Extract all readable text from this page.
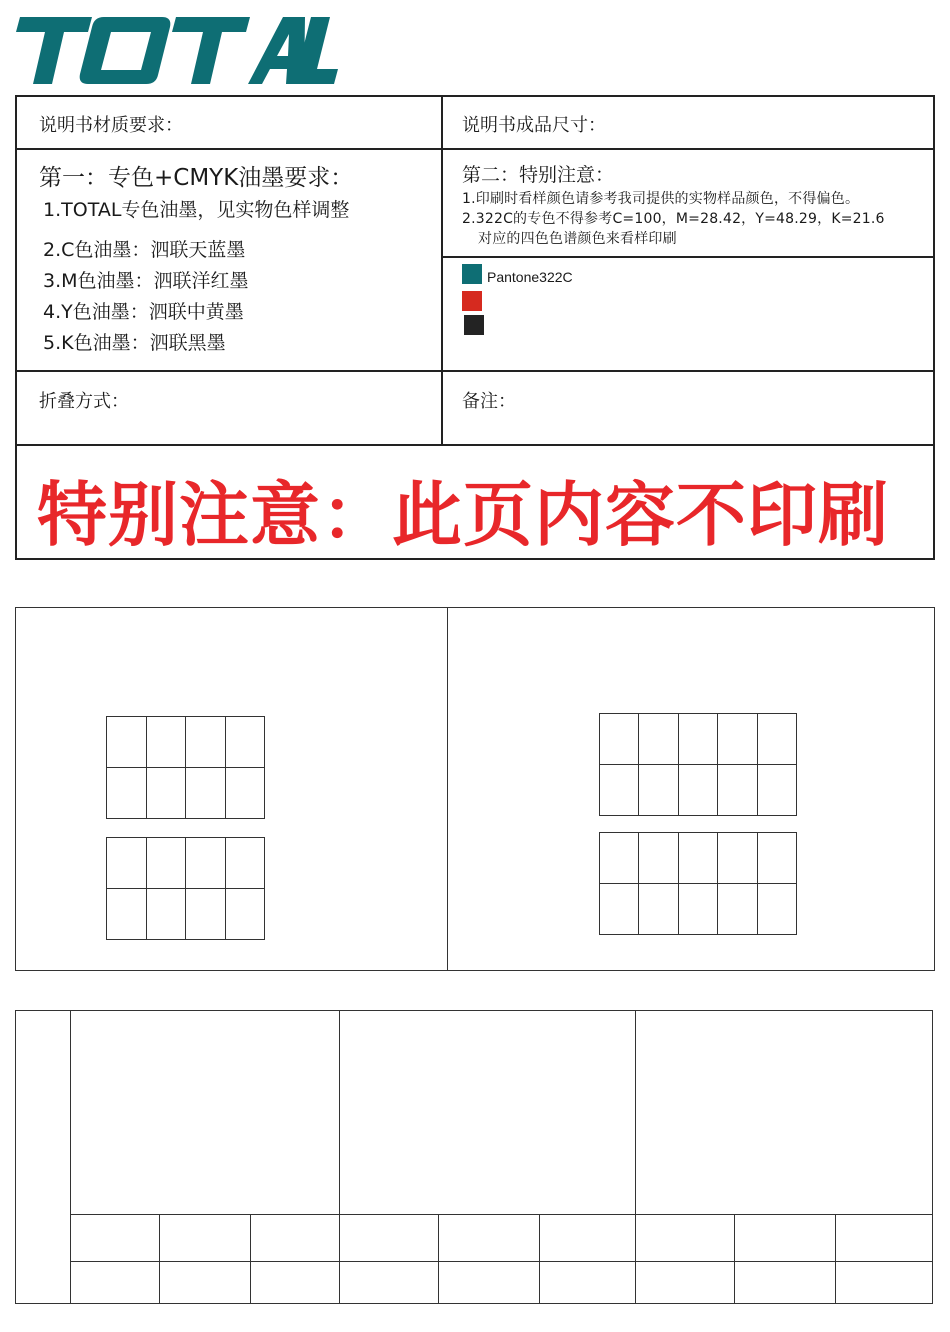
说明书材质要求：	说明书成品尺寸：
第一：专色+CMYK油墨要求：
1.TOTAL专色油墨，见实物色样调整
2.C色油墨：泗联天蓝墨
3.M色油墨：泗联洋红墨
4.Y色油墨：泗联中黄墨
5.K色油墨：泗联黑墨
第二：特别注意：
1.印刷时看样颜色请参考我司提供的实物样品颜色，不得偏色。
2.322C的专色不得参考C=100，M=28.42，Y=48.29，K=21.6
对应的四色色谱颜色来看样印刷
Pantone322C
折叠方式：	备注：
特别注意：此页内容不印刷
